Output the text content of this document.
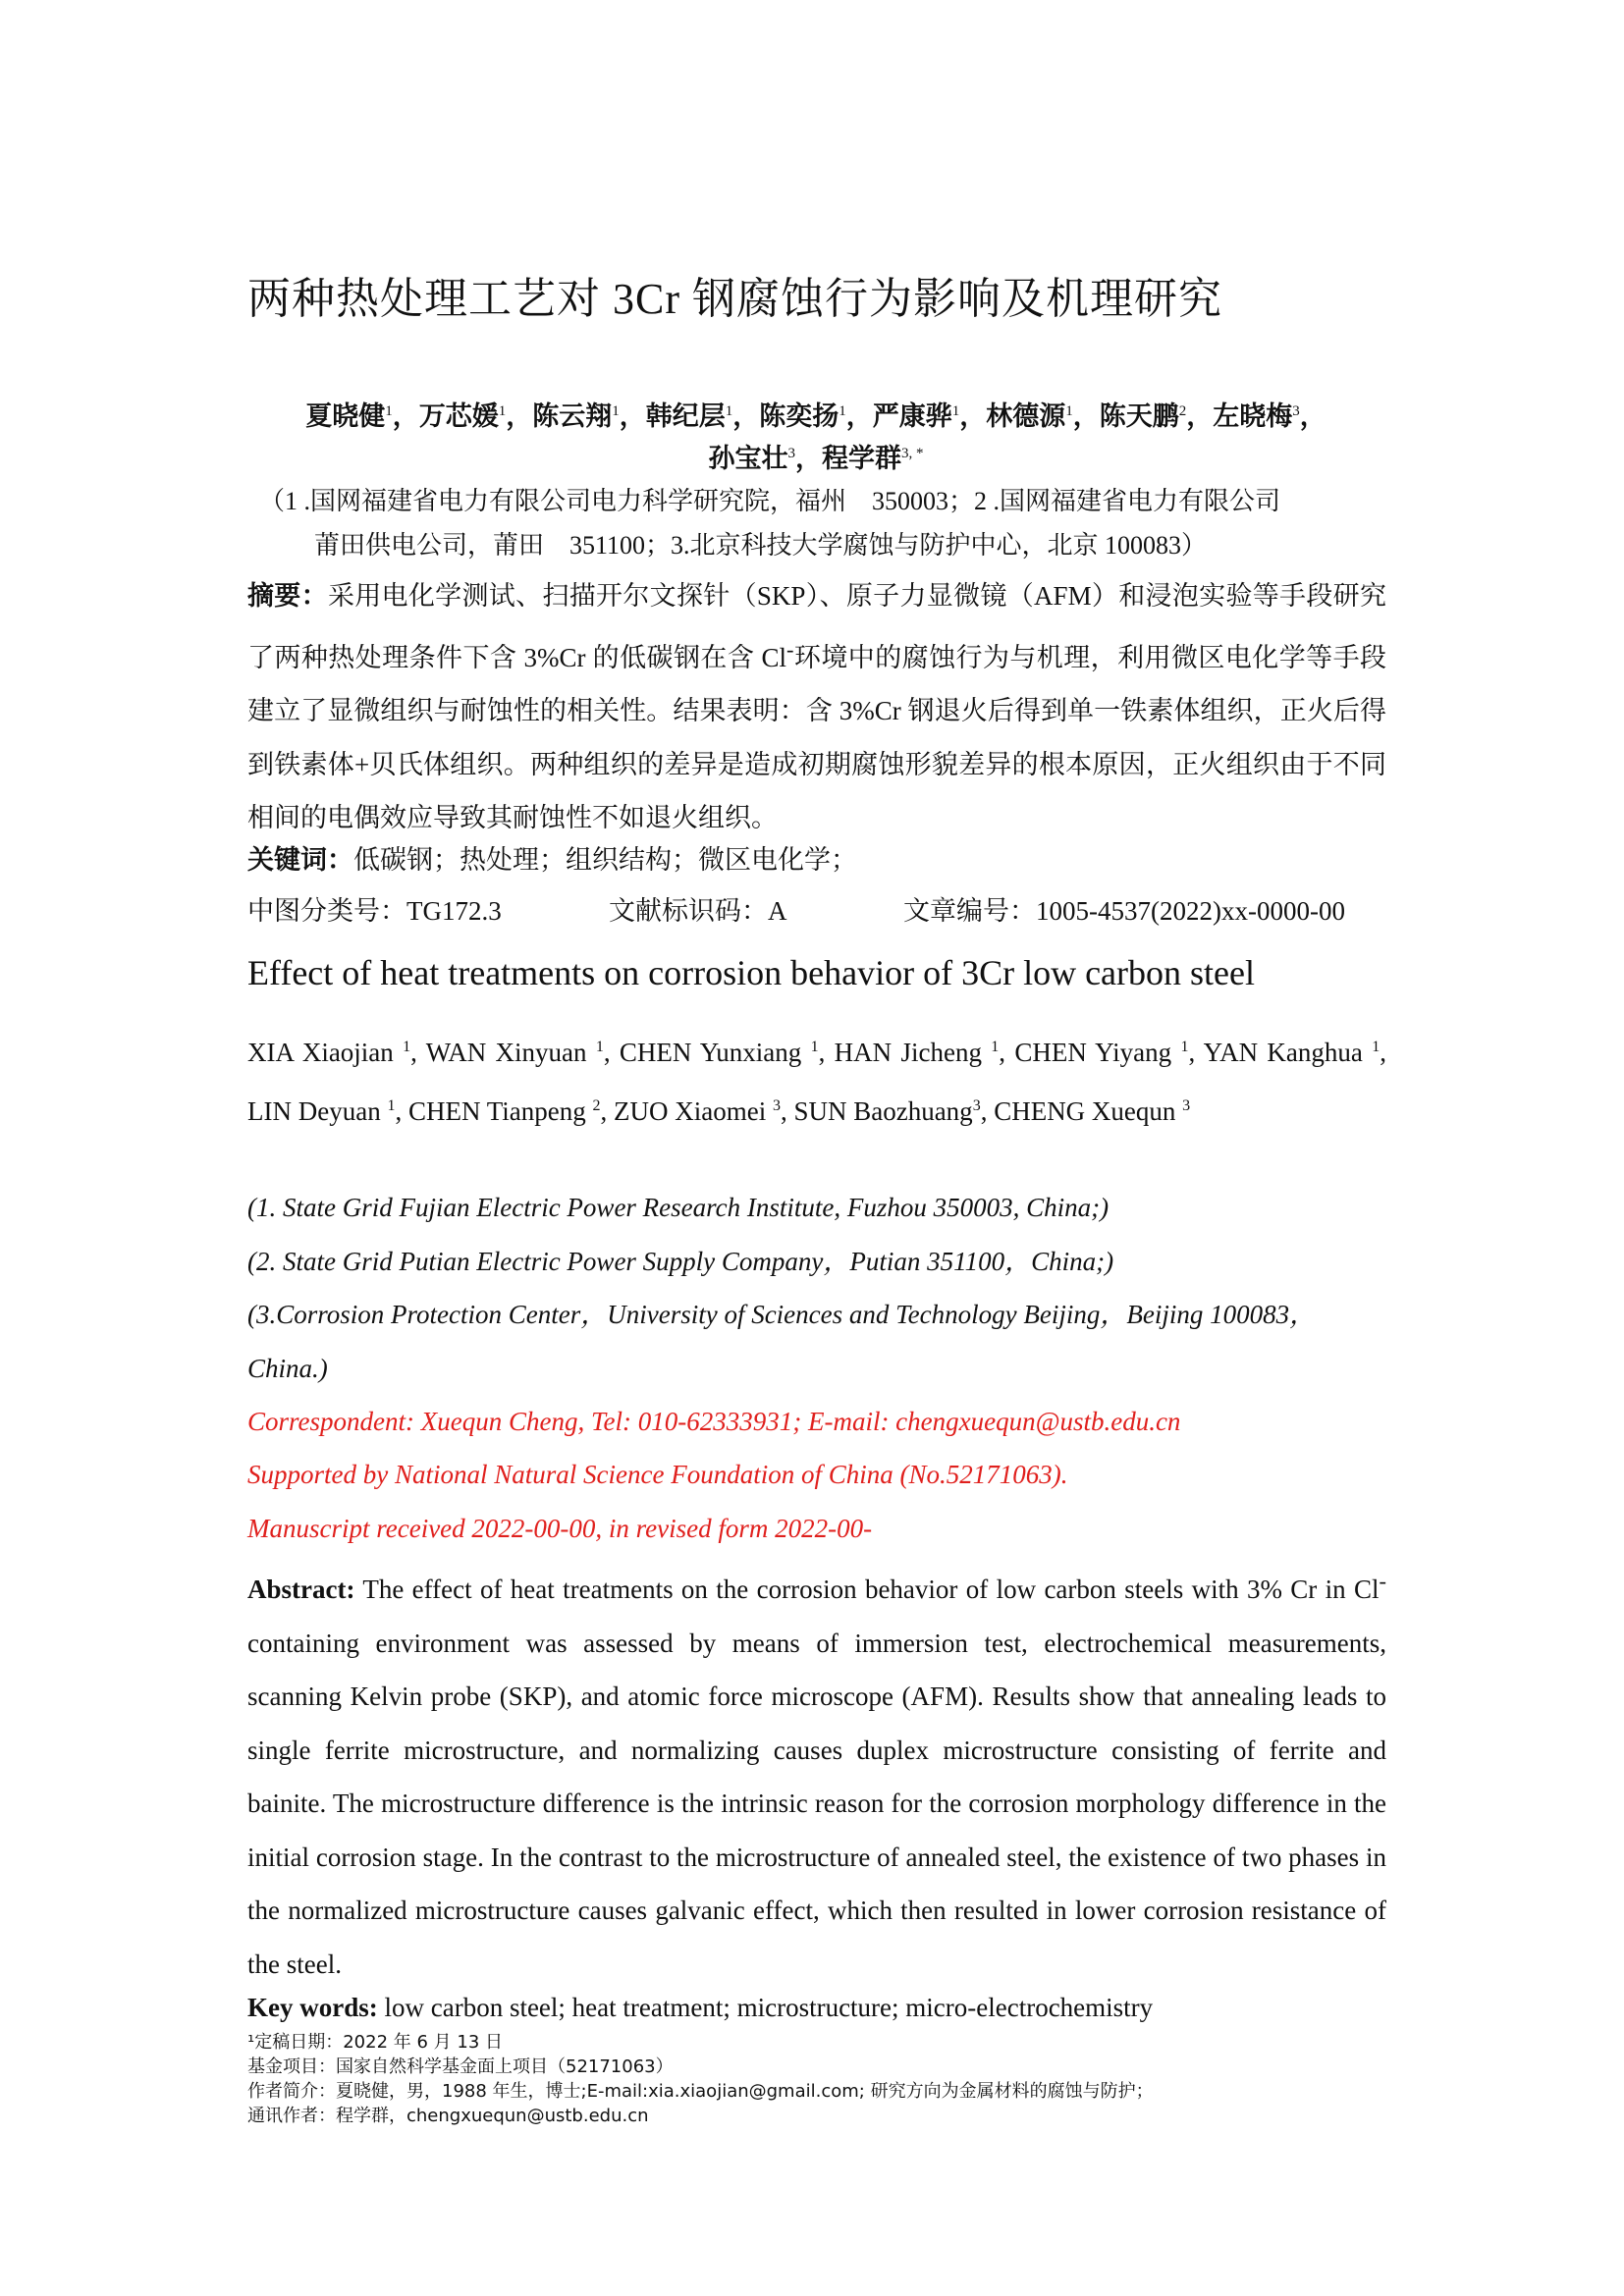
两种热处理工艺对 3Cr 钢腐蚀行为影响及机理研究
夏晓健$^1$，万芯媛$^1$，陈云翔$^1$，韩纪层$^1$，陈奕扬$^1$，严康骅$^1$，林德源$^1$，陈天鹏$^2$，左晓梅$^3$，
孙宝壮$^3$，程学群$^{3, *}$
（1 .国网福建省电力有限公司电力科学研究院，福州　350003；2 .国网福建省电力有限公司
莆田供电公司，莆田　351100；3.北京科技大学腐蚀与防护中心，北京 100083）
摘要：采用电化学测试、扫描开尔文探针（SKP）、原子力显微镜（AFM）和浸泡实验等手段研究了两种热处理条件下含 3%Cr 的低碳钢在含 Cl-环境中的腐蚀行为与机理，利用微区电化学等手段建立了显微组织与耐蚀性的相关性。结果表明：含 3%Cr 钢退火后得到单一铁素体组织，正火后得到铁素体+贝氏体组织。两种组织的差异是造成初期腐蚀形貌差异的根本原因，正火组织由于不同相间的电偶效应导致其耐蚀性不如退火组织。
关键词：低碳钢；热处理；组织结构；微区电化学；
中图分类号：TG172.3	文献标识码：A	文章编号：1005-4537(2022)xx-0000-00
Effect of heat treatments on corrosion behavior of 3Cr low carbon steel
XIA Xiaojian $^1$, WAN Xinyuan $^1$, CHEN Yunxiang $^1$, HAN Jicheng $^1$, CHEN Yiyang $^1$, YAN Kanghua $^1$, LIN Deyuan $^1$, CHEN Tianpeng $^2$, ZUO Xiaomei $^3$, SUN Baozhuang$^3$, CHENG Xuequn $^3$
(1. State Grid Fujian Electric Power Research Institute, Fuzhou 350003, China;)
(2. State Grid Putian Electric Power Supply Company，Putian 351100，China;)
(3.Corrosion Protection Center，University of Sciences and Technology Beijing，Beijing 100083，China.)
Correspondent: Xuequn Cheng, Tel: 010-62333931; E-mail: chengxuequn@ustb.edu.cn
Supported by National Natural Science Foundation of China (No.52171063).
Manuscript received 2022-00-00, in revised form 2022-00-
Abstract: The effect of heat treatments on the corrosion behavior of low carbon steels with 3% Cr in Cl- containing environment was assessed by means of immersion test, electrochemical measurements, scanning Kelvin probe (SKP), and atomic force microscope (AFM). Results show that annealing leads to single ferrite microstructure, and normalizing causes duplex microstructure consisting of ferrite and bainite. The microstructure difference is the intrinsic reason for the corrosion morphology difference in the initial corrosion stage. In the contrast to the microstructure of annealed steel, the existence of two phases in the normalized microstructure causes galvanic effect, which then resulted in lower corrosion resistance of the steel.
Key words: low carbon steel; heat treatment; microstructure; micro-electrochemistry
¹定稿日期：2022 年 6 月 13 日
基金项目：国家自然科学基金面上项目（52171063）
作者简介：夏晓健，男，1988 年生，博士;E-mail:xia.xiaojian@gmail.com; 研究方向为金属材料的腐蚀与防护；
通讯作者：程学群，chengxuequn@ustb.edu.cn
